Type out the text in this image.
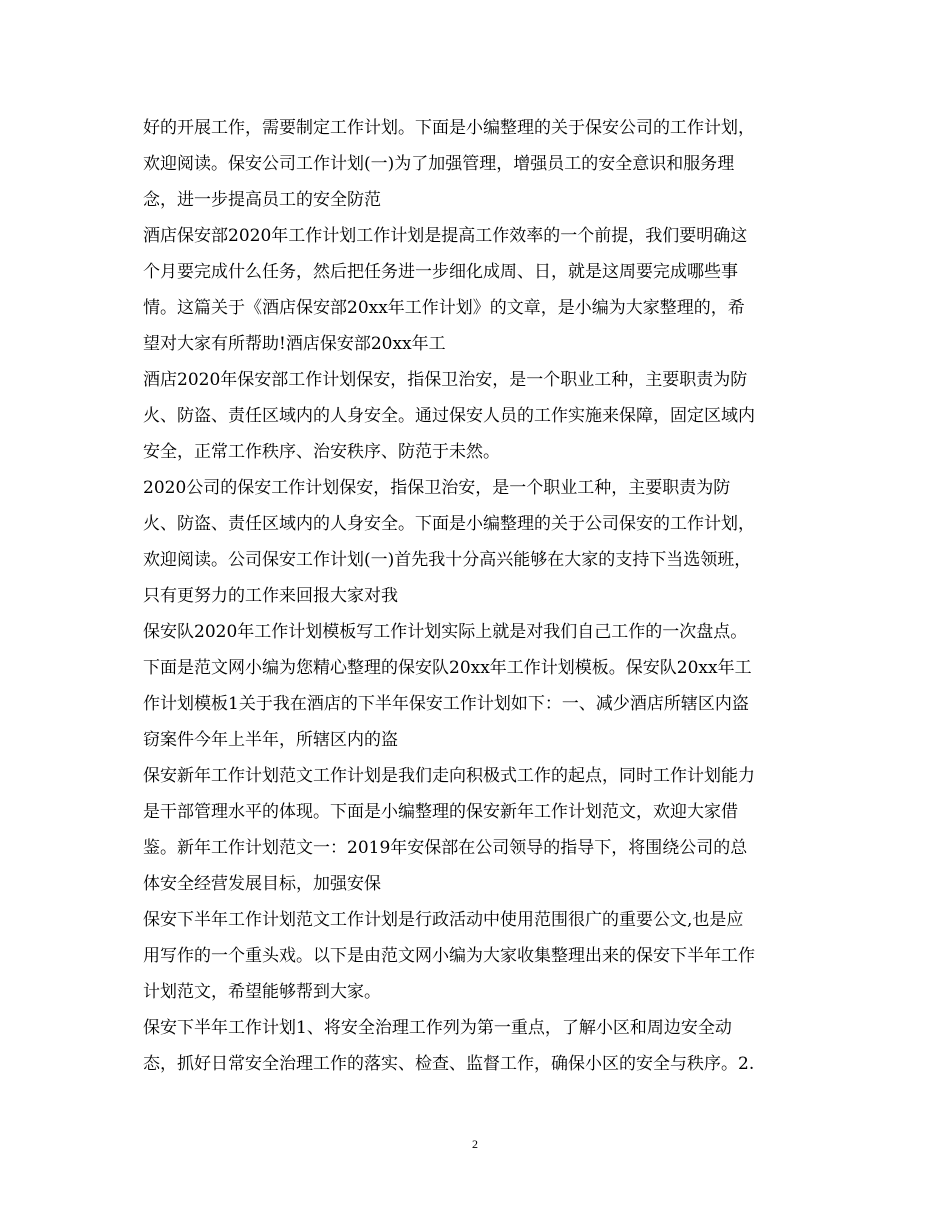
好的开展工作，需要制定工作计划。下面是小编整理的关于保安公司的工作计划，
欢迎阅读。保安公司工作计划(一)为了加强管理，增强员工的安全意识和服务理
念，进一步提高员工的安全防范
酒店保安部2020年工作计划工作计划是提高工作效率的一个前提，我们要明确这
个月要完成什么任务，然后把任务进一步细化成周、日，就是这周要完成哪些事
情。这篇关于《酒店保安部20xx年工作计划》的文章，是小编为大家整理的，希
望对大家有所帮助!酒店保安部20xx年工
酒店2020年保安部工作计划保安，指保卫治安，是一个职业工种，主要职责为防
火、防盗、责任区域内的人身安全。通过保安人员的工作实施来保障，固定区域内
安全，正常工作秩序、治安秩序、防范于未然。
2020公司的保安工作计划保安，指保卫治安，是一个职业工种，主要职责为防
火、防盗、责任区域内的人身安全。下面是小编整理的关于公司保安的工作计划，
欢迎阅读。公司保安工作计划(一)首先我十分高兴能够在大家的支持下当选领班，
只有更努力的工作来回报大家对我
保安队2020年工作计划模板写工作计划实际上就是对我们自己工作的一次盘点。
下面是范文网小编为您精心整理的保安队20xx年工作计划模板。保安队20xx年工
作计划模板1关于我在酒店的下半年保安工作计划如下：一、减少酒店所辖区内盗
窃案件今年上半年，所辖区内的盗
保安新年工作计划范文工作计划是我们走向积极式工作的起点，同时工作计划能力
是干部管理水平的体现。下面是小编整理的保安新年工作计划范文，欢迎大家借
鉴。新年工作计划范文一：2019年安保部在公司领导的指导下，将围绕公司的总
体安全经营发展目标，加强安保
保安下半年工作计划范文工作计划是行政活动中使用范围很广的重要公文,也是应
用写作的一个重头戏。以下是由范文网小编为大家收集整理出来的保安下半年工作
计划范文，希望能够帮到大家。
保安下半年工作计划1、将安全治理工作列为第一重点，了解小区和周边安全动
态，抓好日常安全治理工作的落实、检查、监督工作，确保小区的安全与秩序。2.
2
